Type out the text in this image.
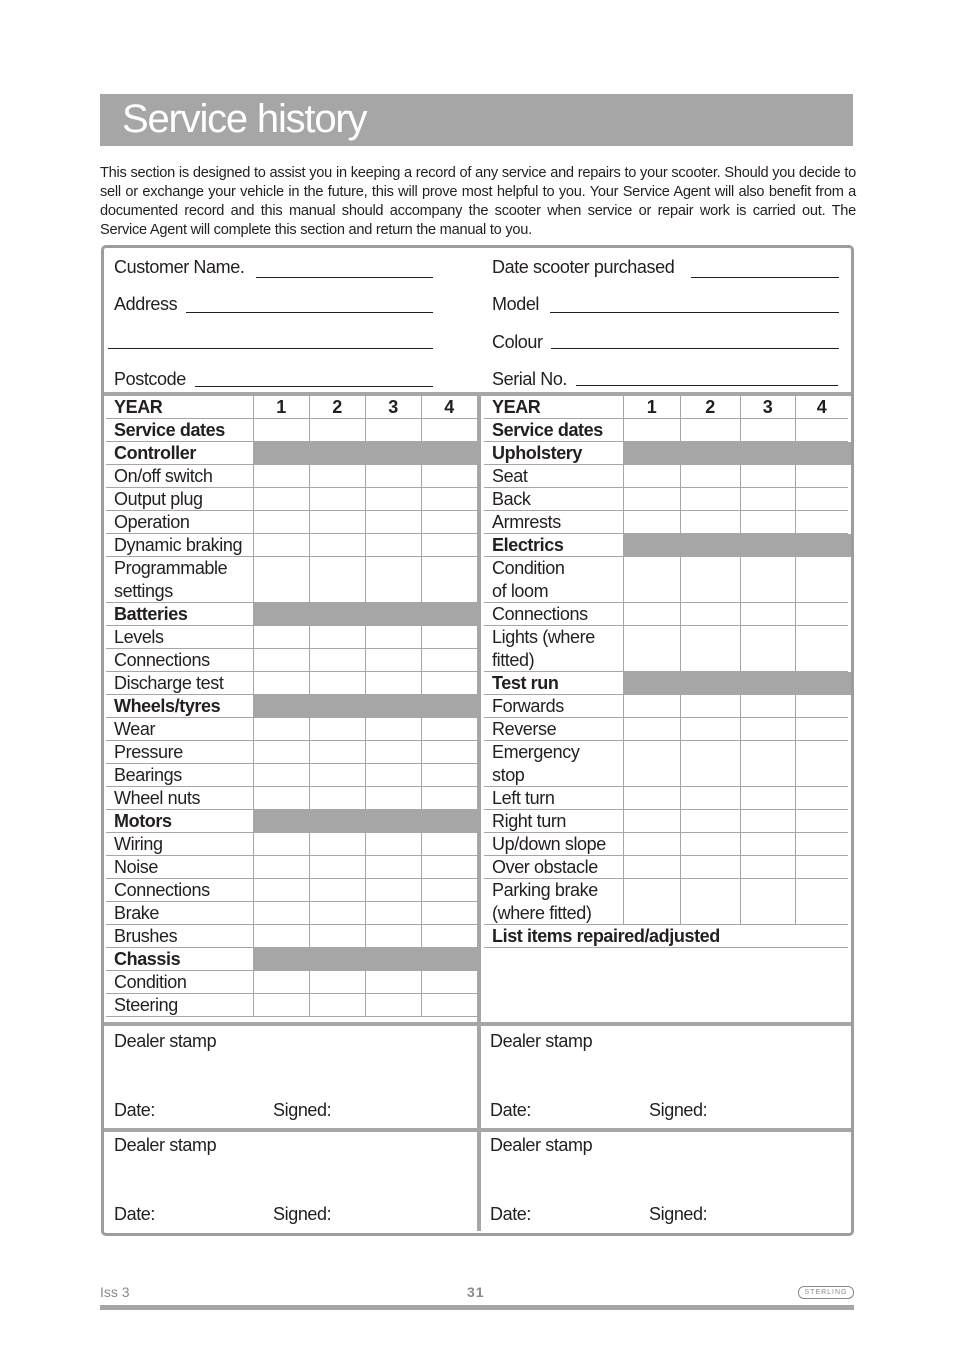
Service history
This section is designed to assist you in keeping a record of any service and repairs to your scooter. Should you decide to sell or exchange your vehicle in the future, this will prove most helpful to you. Your Service Agent will also benefit from a documented record and this manual should accompany the scooter when service or repair work is carried out. The Service Agent will complete this section and return the manual to you.
Customer Name.
Address
Postcode
Date scooter purchased
Model
Colour
Serial No.
YEAR	1	2	3	4
Service dates
Controller
On/off switch
Output plug
Operation
Dynamic braking
Programmable
settings
Batteries
Levels
Connections
Discharge test
Wheels/tyres
Wear
Pressure
Bearings
Wheel nuts
Motors
Wiring
Noise
Connections
Brake
Brushes
Chassis
Condition
Steering
YEAR	1	2	3	4
Service dates
Upholstery
Seat
Back
Armrests
Electrics
Condition
of loom
Connections
Lights (where
fitted)
Test run
Forwards
Reverse
Emergency
stop
Left turn
Right turn
Up/down slope
Over obstacle
Parking brake
(where fitted)
List items repaired/adjusted
Dealer stamp
Date:	Signed:
Dealer stamp
Date:	Signed:
Dealer stamp
Date:	Signed:
Dealer stamp
Date:	Signed:
Iss 3	31	STERLING
